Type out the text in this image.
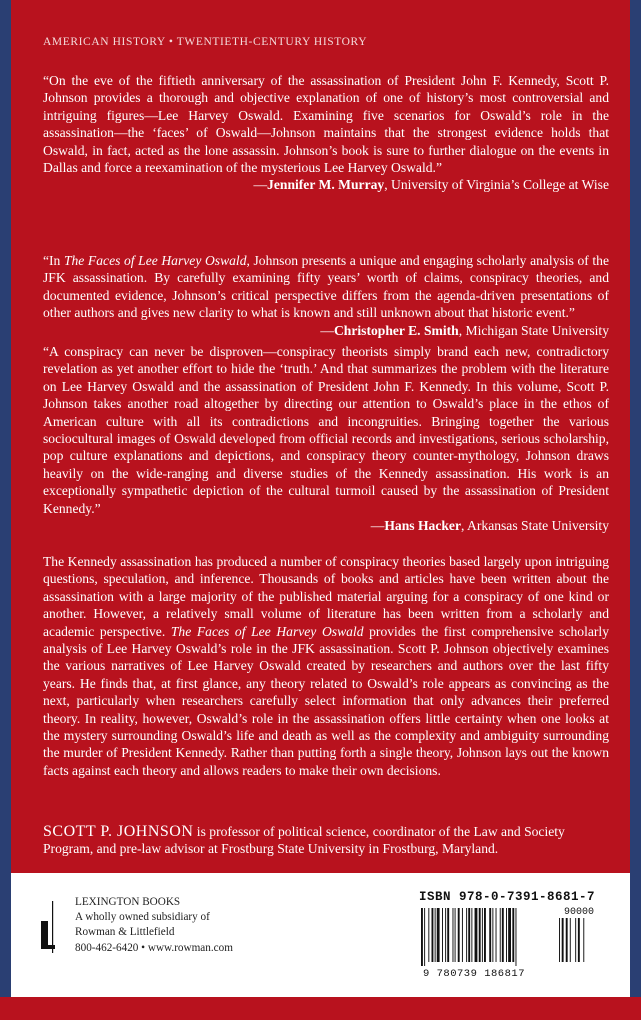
AMERICAN HISTORY • TWENTIETH-CENTURY HISTORY

“On the eve of the fiftieth anniversary of the assassination of President John F. Kennedy, Scott P. Johnson provides a thorough and objective explanation of one of history’s most controversial and intriguing figures—Lee Harvey Oswald. Examining five scenarios for Oswald’s role in the assassination—the ‘faces’ of Oswald—Johnson maintains that the strongest evidence holds that Oswald, in fact, acted as the lone assassin. Johnson’s book is sure to further dialogue on the events in Dallas and force a reexamination of the mysterious Lee Harvey Oswald.”

—Jennifer M. Murray, University of Virginia’s College at Wise

“In The Faces of Lee Harvey Oswald, Johnson presents a unique and engaging scholarly analysis of the JFK assassination. By carefully examining fifty years’ worth of claims, conspiracy theories, and documented evidence, Johnson’s critical perspective differs from the agenda-driven presentations of other authors and gives new clarity to what is known and still unknown about that historic event.”
—Christopher E. Smith, Michigan State University

“A conspiracy can never be disproven—conspiracy theorists simply brand each new, contradictory revelation as yet another effort to hide the ‘truth.’ And that summarizes the problem with the literature on Lee Harvey Oswald and the assassination of President John F. Kennedy. In this volume, Scott P. Johnson takes another road altogether by directing our attention to Oswald’s place in the ethos of American culture with all its contradictions and incongruities. Bringing together the various sociocultural images of Oswald developed from official records and investigations, serious scholarship, pop culture explanations and depictions, and conspiracy theory counter-mythology, Johnson draws heavily on the wide-ranging and diverse studies of the Kennedy assassination. His work is an exceptionally sympathetic depiction of the cultural turmoil caused by the assassination of President Kennedy.”

—Hans Hacker, Arkansas State University

The Kennedy assassination has produced a number of conspiracy theories based largely upon intriguing questions, speculation, and inference. Thousands of books and articles have been written about the assassination with a large majority of the published material arguing for a conspiracy of one kind or another. However, a relatively small volume of literature has been written from a scholarly and academic perspective. The Faces of Lee Harvey Oswald provides the first comprehensive scholarly analysis of Lee Harvey Oswald’s role in the JFK assassination. Scott P. Johnson objectively examines the various narratives of Lee Harvey Oswald created by researchers and authors over the last fifty years. He finds that, at first glance, any theory related to Oswald’s role appears as convincing as the next, particularly when researchers carefully select information that only advances their preferred theory. In reality, however, Oswald’s role in the assassination offers little certainty when one looks at the mystery surrounding Oswald’s life and death as well as the complexity and ambiguity surrounding the murder of President Kennedy. Rather than putting forth a single theory, Johnson lays out the known facts against each theory and allows readers to make their own decisions.

SCOTT P. JOHNSON is professor of political science, coordinator of the Law and Society Program, and pre-law advisor at Frostburg State University in Frostburg, Maryland.
LEXINGTON BOOKS
A wholly owned subsidiary of
Rowman & Littlefield
800-462-6420 • www.rowman.com
ISBN 978-0-7391-8681-7
90000
9 780739 186817
